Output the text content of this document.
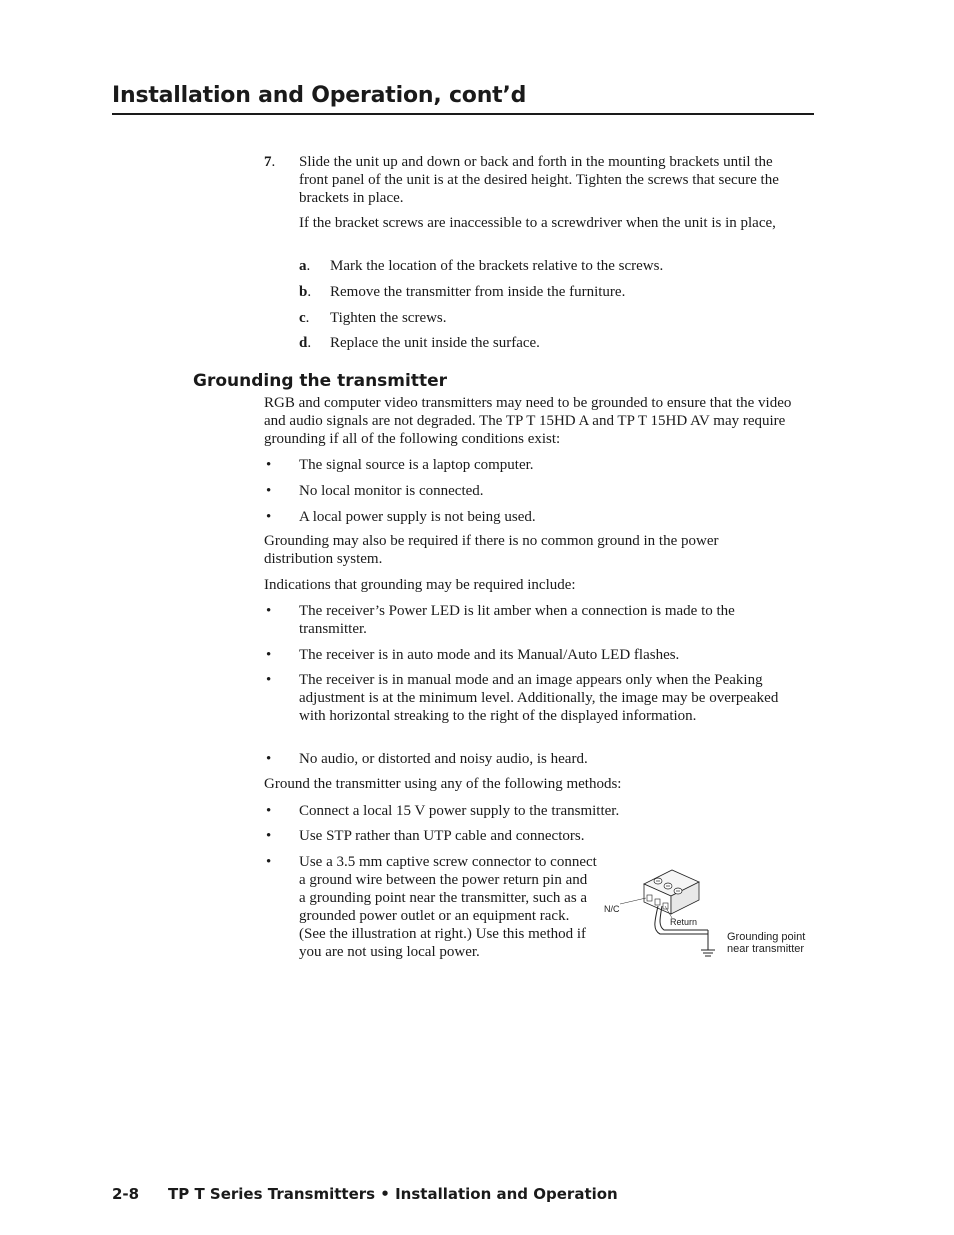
Installation and Operation, cont’d
7. Slide the unit up and down or back and forth in the mounting brackets until the front panel of the unit is at the desired height. Tighten the screws that secure the brackets in place.
If the bracket screws are inaccessible to a screwdriver when the unit is in place,
a. Mark the location of the brackets relative to the screws.
b. Remove the transmitter from inside the furniture.
c. Tighten the screws.
d. Replace the unit inside the surface.
Grounding the transmitter
RGB and computer video transmitters may need to be grounded to ensure that the video and audio signals are not degraded. The TP T 15HD A and TP T 15HD AV may require grounding if all of the following conditions exist:
• The signal source is a laptop computer.
• No local monitor is connected.
• A local power supply is not being used.
Grounding may also be required if there is no common ground in the power distribution system.
Indications that grounding may be required include:
• The receiver’s Power LED is lit amber when a connection is made to the transmitter.
• The receiver is in auto mode and its Manual/Auto LED flashes.
• The receiver is in manual mode and an image appears only when the Peaking adjustment is at the minimum level. Additionally, the image may be overpeaked with horizontal streaking to the right of the displayed information.
• No audio, or distorted and noisy audio, is heard.
Ground the transmitter using any of the following methods:
• Connect a local 15 V power supply to the transmitter.
• Use STP rather than UTP cable and connectors.
• Use a 3.5 mm captive screw connector to connect a ground wire between the power return pin and a grounding point near the transmitter, such as a grounded power outlet or an equipment rack. (See the illustration at right.) Use this method if you are not using local power.
N/C
Return
Grounding point
near transmitter
2-8 TP T Series Transmitters • Installation and Operation
